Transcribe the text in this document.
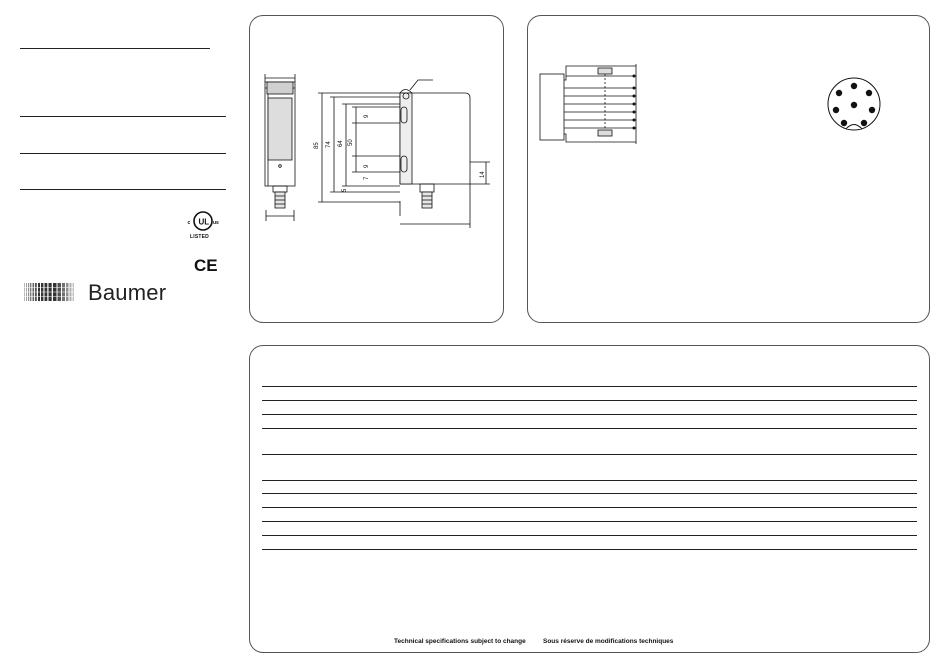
UL
c	us
LISTED
CE
Baumer
85 74 64 50
9
9
5
14
7
Technical specifications subject to change	Sous réserve de modifications techniques
